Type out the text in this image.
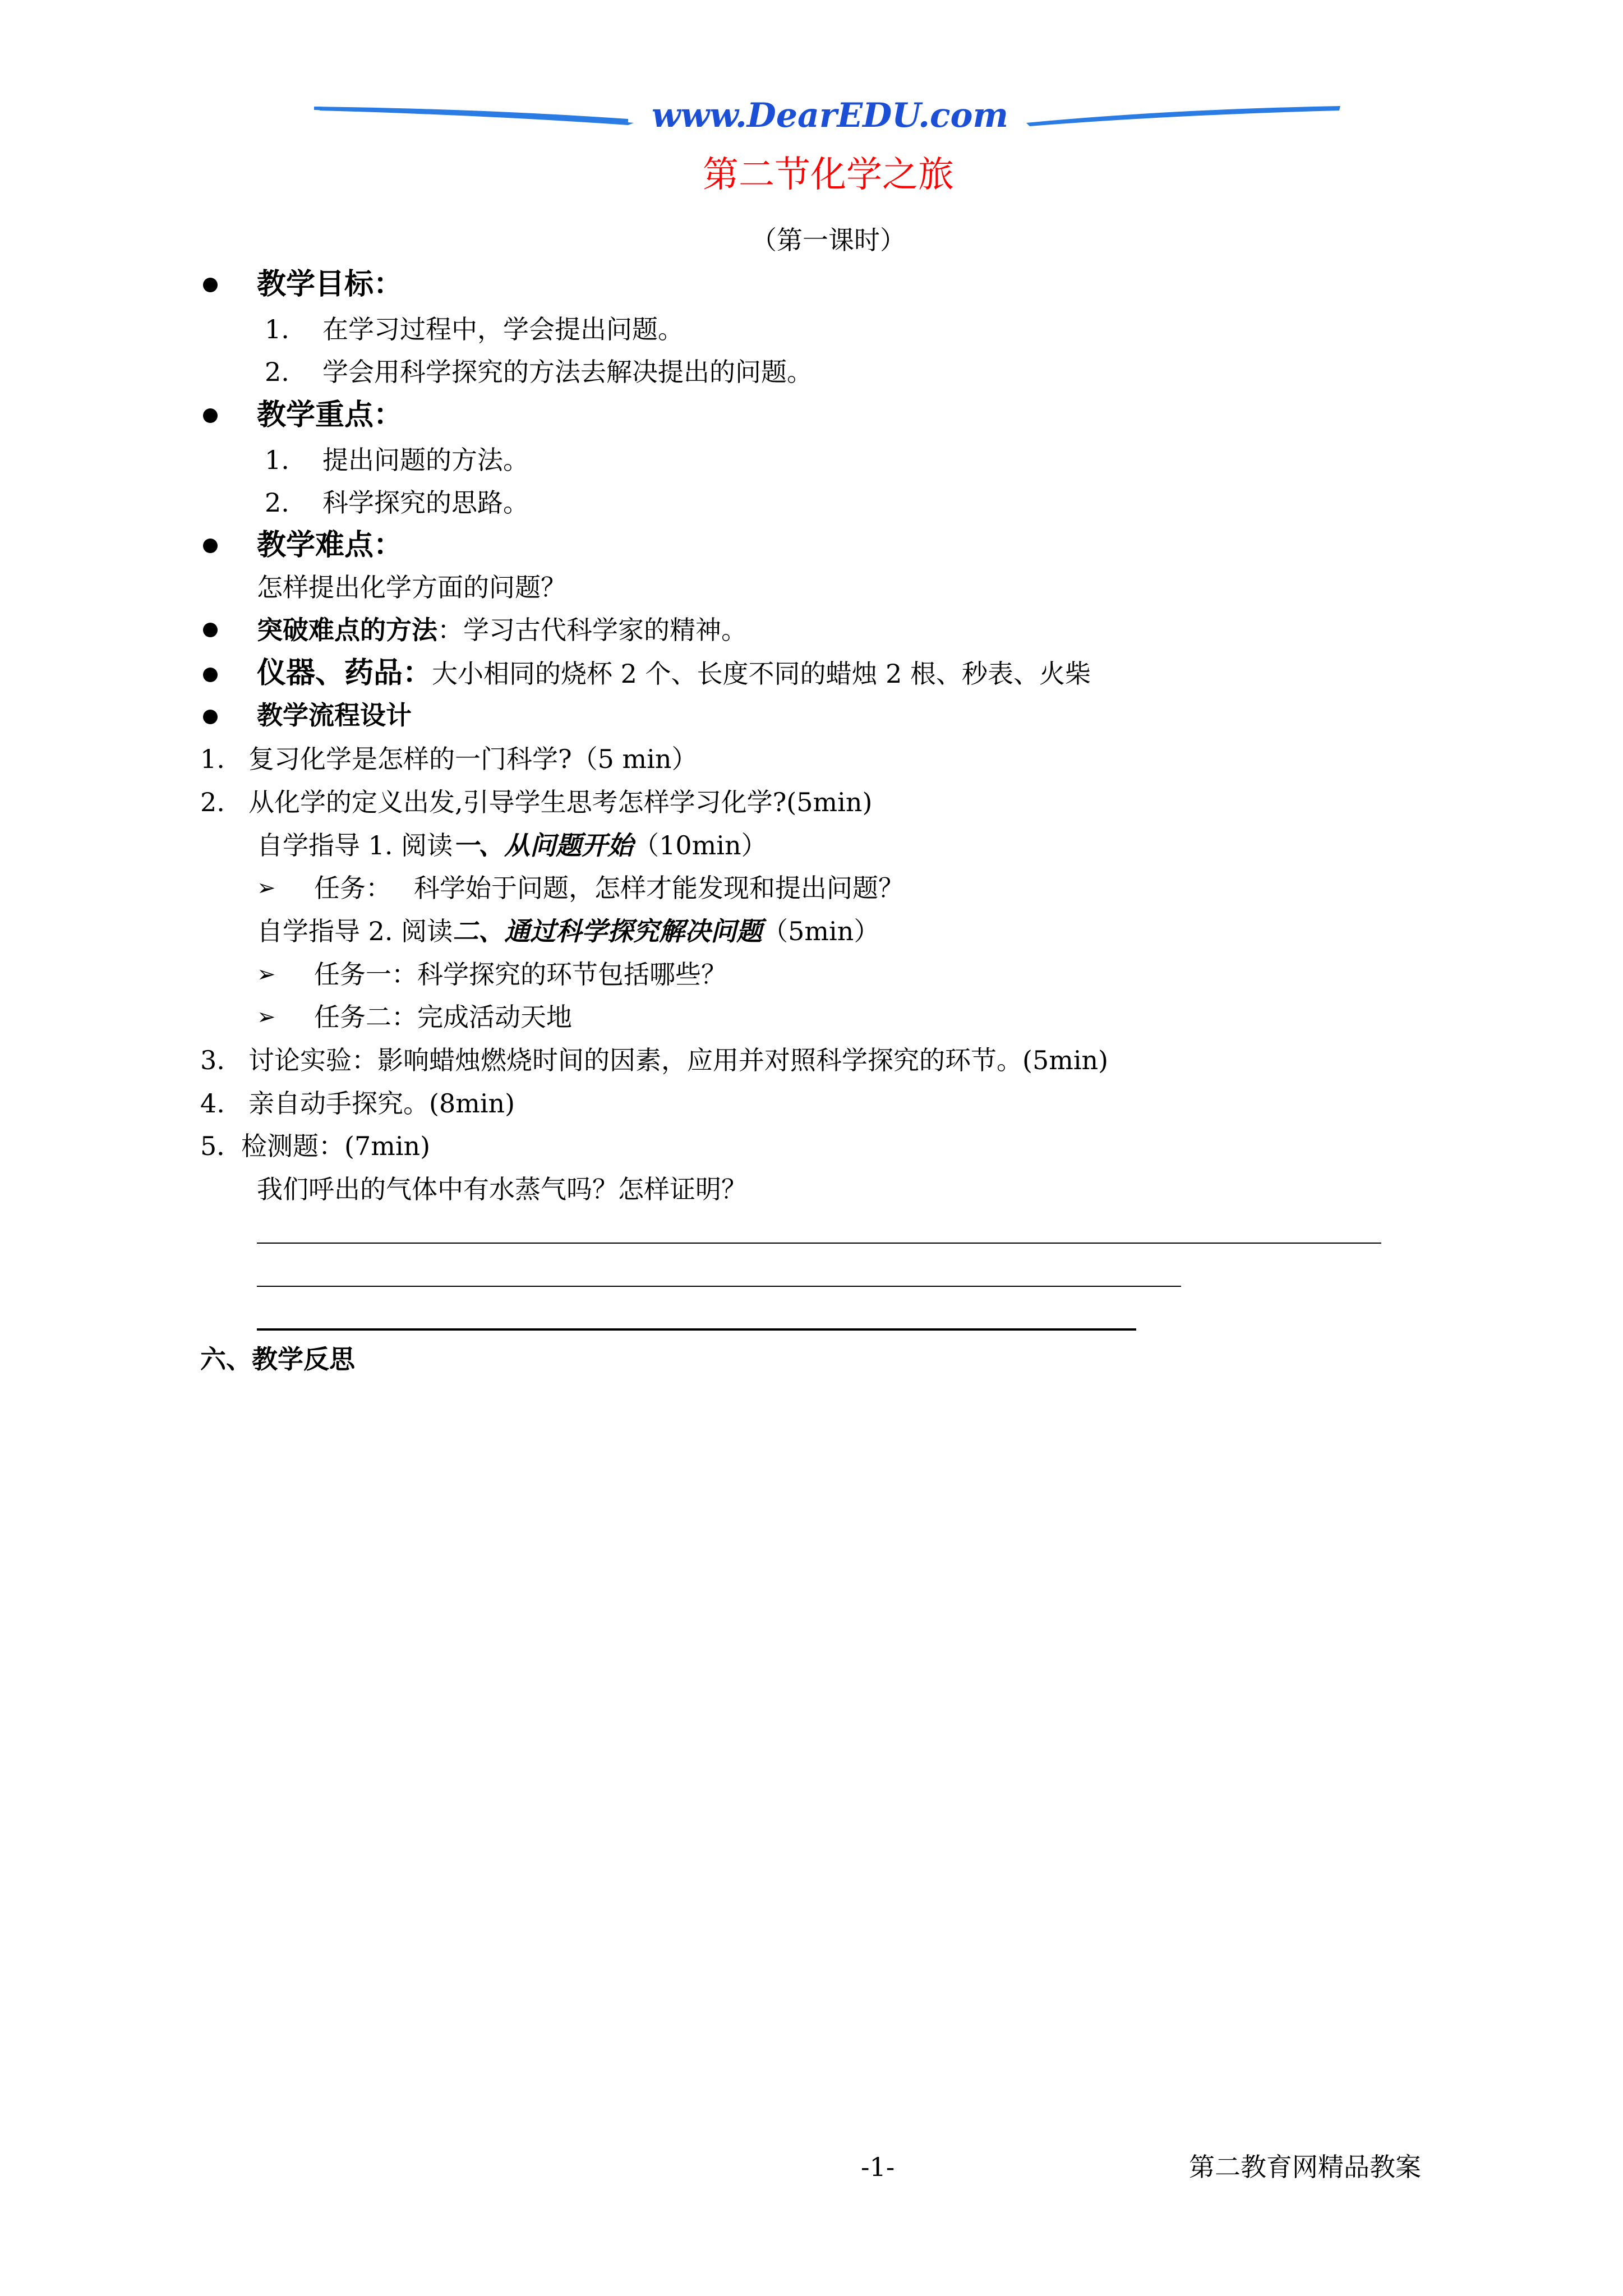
www.DearEDU.com
第二节化学之旅
（第一课时）
教学目标：
1. 在学习过程中，学会提出问题。
2. 学会用科学探究的方法去解决提出的问题。
教学重点：
1. 提出问题的方法。
2. 科学探究的思路。
教学难点：
怎样提出化学方面的问题？
突破难点的方法：学习古代科学家的精神。
仪器、药品：大小相同的烧杯 2 个、长度不同的蜡烛 2 根、秒表、火柴
教学流程设计
1. 复习化学是怎样的一门科学?（5 min）
2. 从化学的定义出发,引导学生思考怎样学习化学?(5min)
自学指导 1. 阅读一、从问题开始（10min）
➢ 任务： 科学始于问题，怎样才能发现和提出问题？
自学指导 2. 阅读二、通过科学探究解决问题（5min）
➢ 任务一：科学探究的环节包括哪些？
➢ 任务二：完成活动天地
3. 讨论实验：影响蜡烛燃烧时间的因素，应用并对照科学探究的环节。(5min)
4. 亲自动手探究。(8min)
5．
检测题：(7min)
我们呼出的气体中有水蒸气吗？怎样证明？
六、教学反思
-1-	第二教育网精品教案
